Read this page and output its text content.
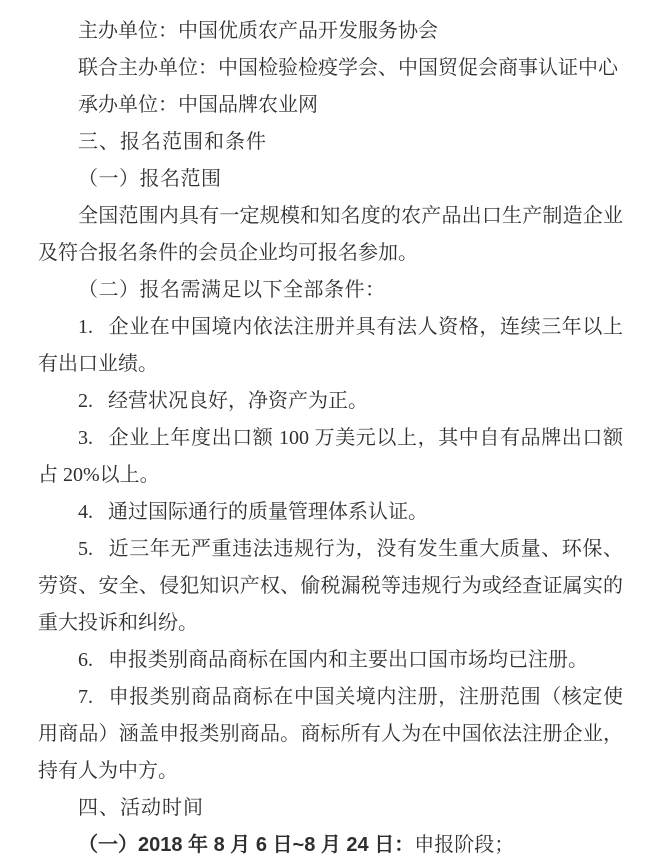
主办单位：中国优质农产品开发服务协会

联合主办单位：中国检验检疫学会、中国贸促会商事认证中心

承办单位：中国品牌农业网

三、报名范围和条件
（一）报名范围

全国范围内具有一定规模和知名度的农产品出口生产制造企业及符合报名条件的会员企业均可报名参加。

（二）报名需满足以下全部条件：

1. 企业在中国境内依法注册并具有法人资格，连续三年以上有出口业绩。

2. 经营状况良好，净资产为正。

3. 企业上年度出口额 100 万美元以上，其中自有品牌出口额占 20%以上。

4. 通过国际通行的质量管理体系认证。

5. 近三年无严重违法违规行为，没有发生重大质量、环保、劳资、安全、侵犯知识产权、偷税漏税等违规行为或经查证属实的重大投诉和纠纷。

6. 申报类别商品商标在国内和主要出口国市场均已注册。

7. 申报类别商品商标在中国关境内注册，注册范围（核定使用商品）涵盖申报类别商品。商标所有人为在中国依法注册企业，持有人为中方。

四、活动时间

（一）2018 年 8 月 6 日~8 月 24 日：申报阶段；
